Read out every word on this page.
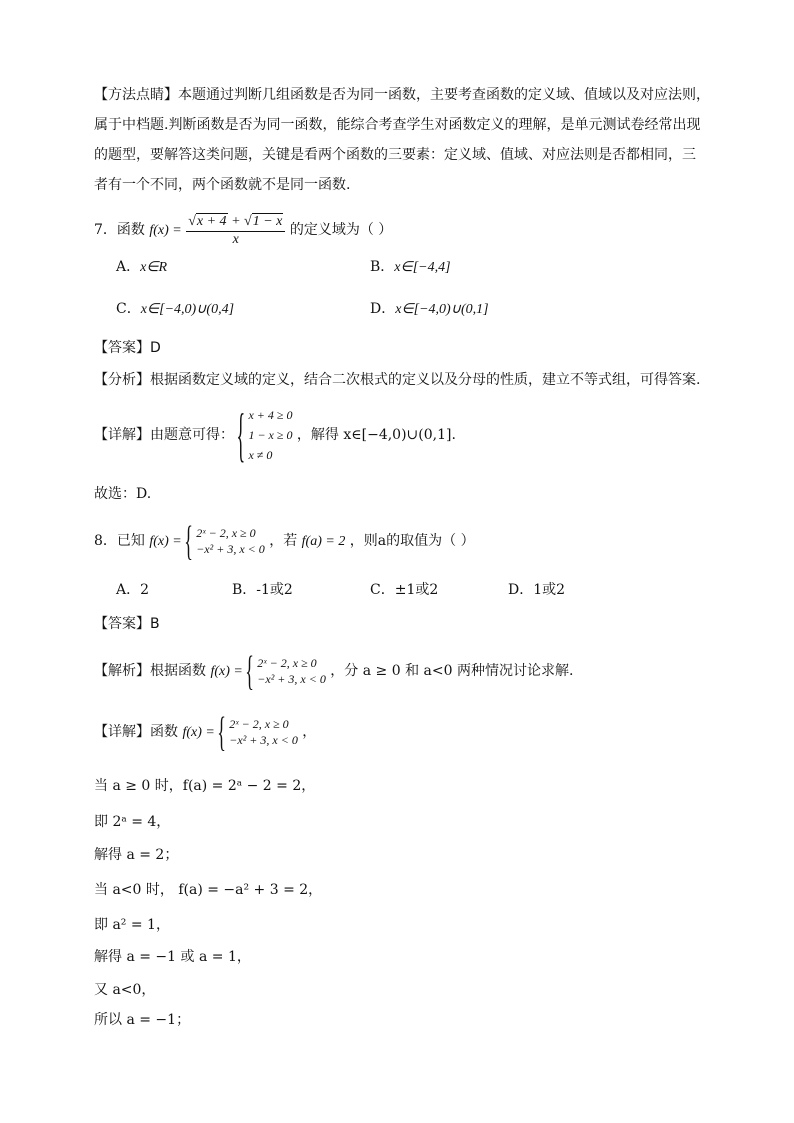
【方法点睛】本题通过判断几组函数是否为同一函数，主要考查函数的定义域、值域以及对应法则，
属于中档题.判断函数是否为同一函数，能综合考查学生对函数定义的理解，是单元测试卷经常出现
的题型，要解答这类问题，关键是看两个函数的三要素：定义域、值域、对应法则是否都相同，三
者有一个不同，两个函数就不是同一函数.
7．函数 $f(x) = \frac{√x + 4 + √1 - x}{x}$ 的定义域为（ ）
A．x∈R	B．x∈[−4,4]
C．x∈[−4,0)∪(0,4]	D．x∈[−4,0)∪(0,1]
【答案】D
【分析】根据函数定义域的定义，结合二次根式的定义以及分母的性质，建立不等式组，可得答案.
【详解】由题意可得： { x + 4 ≥ 0
1 − x ≥ 0
x ≠ 0
，解得 x∈[−4,0)∪(0,1].
故选：D.
8．已知 f(x) = { 2ˣ − 2, x ≥ 0
−x² + 3, x < 0 ，若 f(a) = 2 ，则a的取值为（ ）
A．2	B．-1或2	C．±1或2	D．1或2
【答案】B
【解析】根据函数 f(x) = { 2ˣ − 2, x ≥ 0
−x² + 3, x < 0 ，分 a ≥ 0 和 a<0 两种情况讨论求解.
【详解】函数 f(x) = { 2ˣ − 2, x ≥ 0
−x² + 3, x < 0 ，
当 a ≥ 0 时，f(a) = 2ᵃ − 2 = 2，
即 2ᵃ = 4，
解得 a = 2；
当 a<0 时， f(a) = −a² + 3 = 2，
即 a² = 1，
解得 a = −1 或 a = 1，
又 a<0，
所以 a = −1；
